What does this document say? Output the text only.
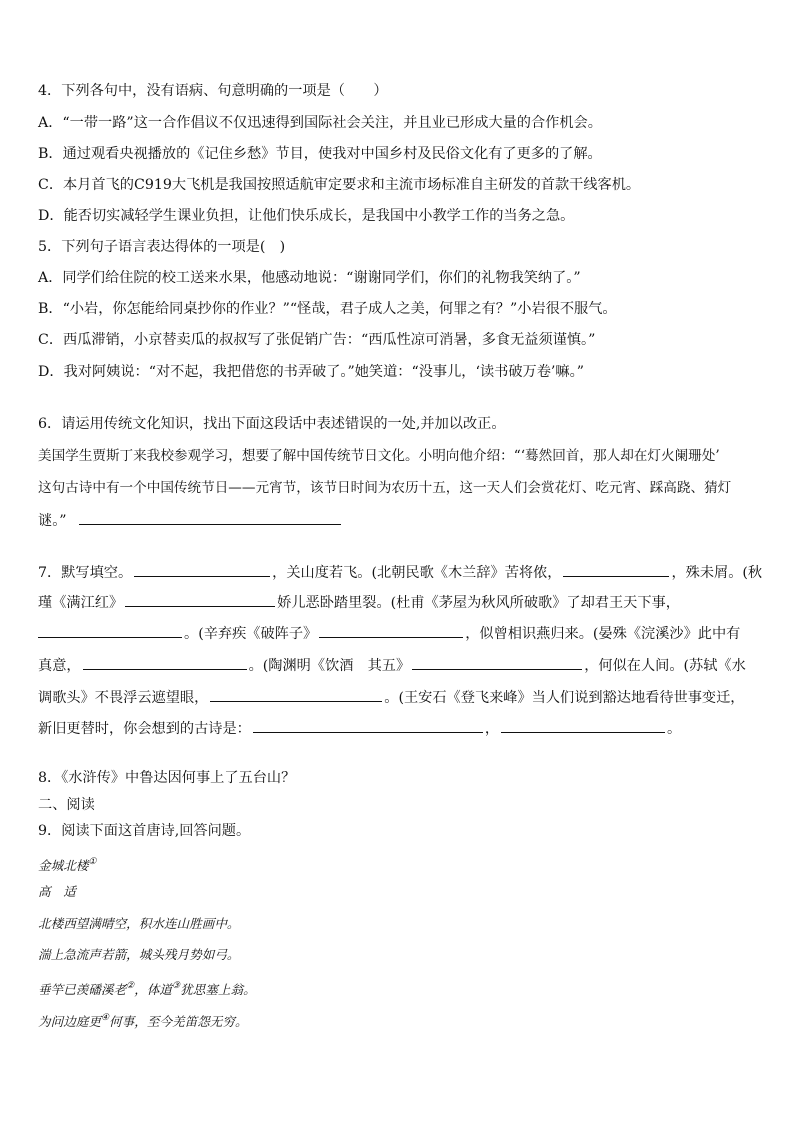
4．下列各句中，没有语病、句意明确的一项是（　　）
A．“一带一路”这一合作倡议不仅迅速得到国际社会关注，并且业已形成大量的合作机会。
B．通过观看央视播放的《记住乡愁》节目，使我对中国乡村及民俗文化有了更多的了解。
C．本月首飞的C919大飞机是我国按照适航审定要求和主流市场标准自主研发的首款干线客机。
D．能否切实减轻学生课业负担，让他们快乐成长，是我国中小教学工作的当务之急。
5．下列句子语言表达得体的一项是(　)
A．同学们给住院的校工送来水果，他感动地说：“谢谢同学们，你们的礼物我笑纳了。”
B．“小岩，你怎能给同桌抄你的作业？”“怪哉，君子成人之美，何罪之有？”小岩很不服气。
C．西瓜滞销，小京替卖瓜的叔叔写了张促销广告：“西瓜性凉可消暑，多食无益须谨慎。”
D．我对阿姨说：“对不起，我把借您的书弄破了。”她笑道：“没事儿，‘读书破万卷’嘛。”
6．请运用传统文化知识，找出下面这段话中表述错误的一处,并加以改正。
美国学生贾斯丁来我校参观学习，想要了解中国传统节日文化。小明向他介绍：“‘蓦然回首，那人却在灯火阑珊处’
这句古诗中有一个中国传统节日——元宵节，该节日时间为农历十五，这一天人们会赏花灯、吃元宵、踩高跷、猜灯
谜。”
7．默写填空。	，关山度若飞。(北朝民歌《木兰辞》苦将侬，	，殊未屑。(秋
瑾《满江红》	娇儿恶卧踏里裂。(杜甫《茅屋为秋风所破歌》了却君王天下事，
。(辛弃疾《破阵子》	，似曾相识燕归来。(晏殊《浣溪沙》此中有
真意，	。(陶渊明《饮酒　其五》	，何似在人间。(苏轼《水
调歌头》不畏浮云遮望眼，	。(王安石《登飞来峰》当人们说到豁达地看待世事变迁，
新旧更替时，你会想到的古诗是：	，	。
8．《水浒传》中鲁达因何事上了五台山？
二、阅读
9．阅读下面这首唐诗,回答问题。
金城北楼①
高　适
北楼西望满晴空，积水连山胜画中。
湍上急流声若箭，城头残月势如弓。
垂竿已羡磻溪老②，体道③犹思塞上翁。
为问边庭更④何事，至今羌笛怨无穷。
